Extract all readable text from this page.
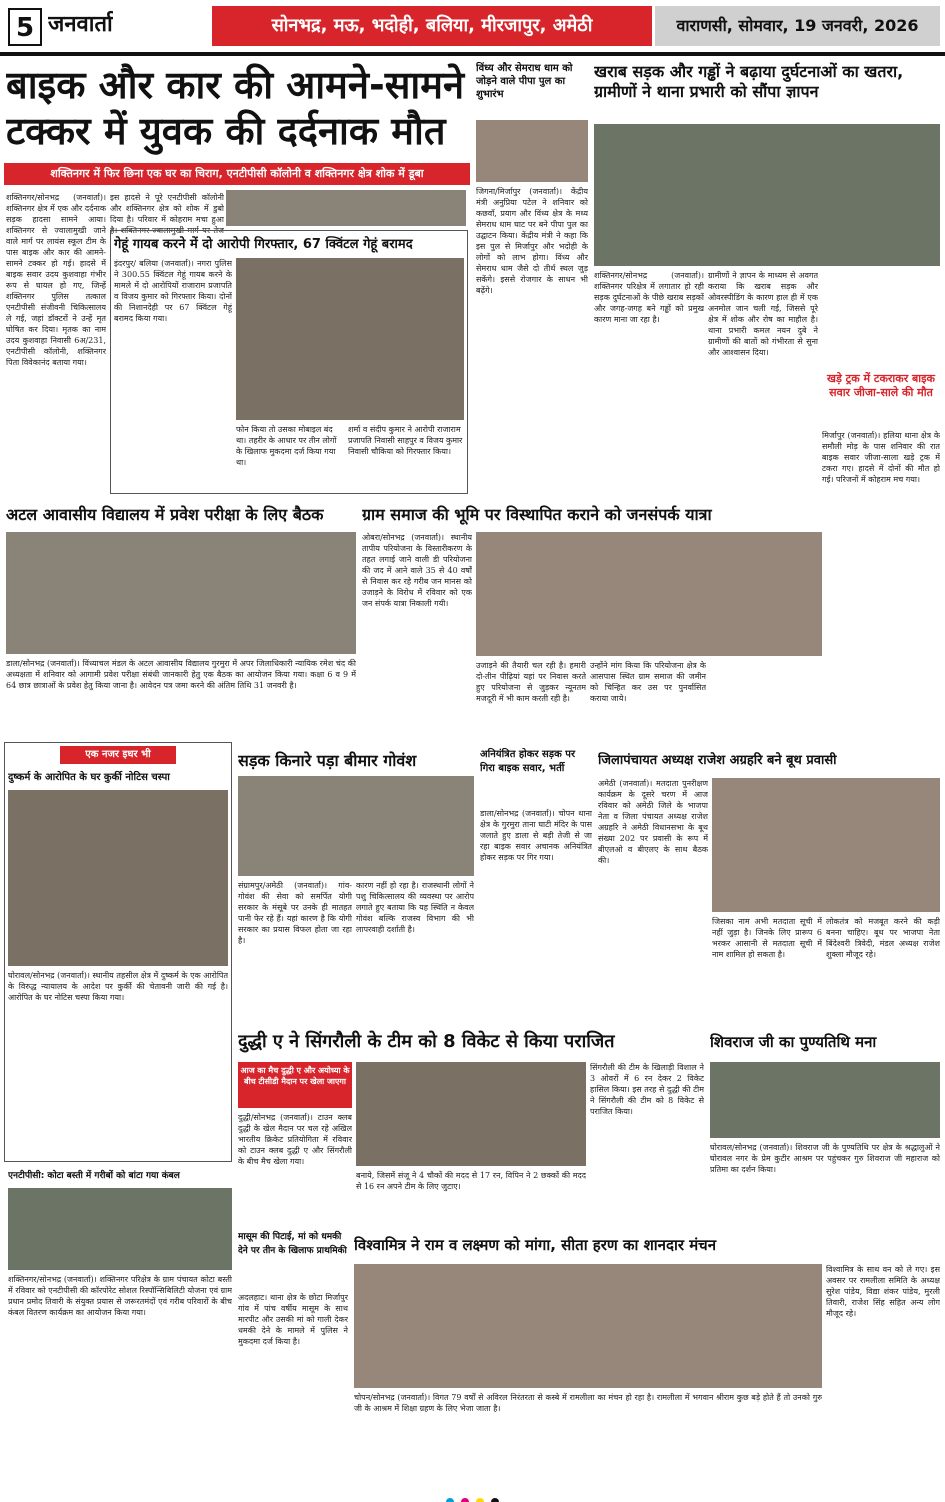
5 जनवार्ता	सोनभद्र, मऊ, भदोही, बलिया, मीरजापुर, अमेठी	वाराणसी, सोमवार, 19 जनवरी, 2026
बाइक और कार की आमने-सामने टक्कर में युवक की दर्दनाक मौत
शक्तिनगर में फिर छिना एक घर का चिराग, एनटीपीसी कॉलोनी व शक्तिनगर क्षेत्र शोक में डूबा
शक्तिनगर/सोनभद्र (जनवार्ता)। शक्तिनगर क्षेत्र में एक और दर्दनाक सड़क हादसा सामने आया। शक्तिनगर से ज्वालामुखी जाने वाले मार्ग पर लायंस स्कूल टीम के पास बाइक और कार की आमने-सामने टक्कर हो गई। हादसे में बाइक सवार उदय कुशवाहा गंभीर रूप से घायल हो गए, जिन्हें शक्तिनगर पुलिस तत्काल एनटीपीसी संजीवनी चिकित्सालय ले गई, जहां डॉक्टरों ने उन्हें मृत घोषित कर दिया। मृतक का नाम उदय कुशवाहा निवासी 6अ/231, एनटीपीसी कॉलोनी, शक्तिनगर पिता विवेकानंद बताया गया।
इस हादसे ने पूरे एनटीपीसी कॉलोनी और शक्तिनगर क्षेत्र को शोक में डुबो दिया है। परिवार में कोहराम मचा हुआ है। शक्तिनगर-ज्वालामुखी मार्ग पर तेज
गेहूं गायब करने में दो आरोपी गिरफ्तार, 67 क्विंटल गेहूं बरामद
इंदरपुर/ बलिया (जनवार्ता)। नगरा पुलिस ने 300.55 क्विंटल गेहूं गायब करने के मामले में दो आरोपियों राजाराम प्रजापति व विजय कुमार को गिरफ्तार किया। दोनों की निशानदेही पर 67 क्विंटल गेहूं बरामद किया गया।
फोन किया तो उसका मोबाइल बंद था। तहरीर के आधार पर तीन लोगों के खिलाफ मुकदमा दर्ज किया गया था।
शर्मा व संदीप कुमार ने आरोपी राजाराम प्रजापति निवासी साहपुर व विजय कुमार निवासी चौकिया को गिरफ्तार किया।
विंध्य और सेमराध धाम को जोड़ने वाले पीपा पुल का शुभारंभ
जिगना/मिर्जापुर (जनवार्ता)। केंद्रीय मंत्री अनुप्रिया पटेल ने शनिवार को कछवाँ, प्रयाग और विंध्य क्षेत्र के मध्य सेमराध धाम घाट पर बने पीपा पुल का उद्घाटन किया। केंद्रीय मंत्री ने कहा कि इस पुल से मिर्जापुर और भदोही के लोगों को लाभ होगा। विंध्य और सेमराध धाम जैसे दो तीर्थ स्थल जुड़ सकेंगे। इससे रोजगार के साधन भी बढ़ेंगे।
खराब सड़क और गड्ढों ने बढ़ाया दुर्घटनाओं का खतरा, ग्रामीणों ने थाना प्रभारी को सौंपा ज्ञापन
शक्तिनगर/सोनभद्र (जनवार्ता)। शक्तिनगर परिक्षेत्र में लगातार हो रही सड़क दुर्घटनाओं के पीछे खराब सड़कों और जगह-जगह बने गड्ढों को प्रमुख कारण माना जा रहा है।
ग्रामीणों ने ज्ञापन के माध्यम से अवगत कराया कि खराब सड़क और ओवरस्पीडिंग के कारण हाल ही में एक अनमोल जान चली गई, जिससे पूरे क्षेत्र में शोक और रोष का माहौल है। थाना प्रभारी कमल नयन दुबे ने ग्रामीणों की बातों को गंभीरता से सुना और आश्वासन दिया।
खड़े ट्रक में टकराकर बाइक सवार जीजा-साले की मौत
मिर्जापुर (जनवार्ता)। हलिया थाना क्षेत्र के समौली मोड़ के पास शनिवार की रात बाइक सवार जीजा-साला खड़े ट्रक में टकरा गए। हादसे में दोनों की मौत हो गई। परिजनों में कोहराम मच गया।
अटल आवासीय विद्यालय में प्रवेश परीक्षा के लिए बैठक
डाला/सोनभद्र (जनवार्ता)। विंध्याचल मंडल के अटल आवासीय विद्यालय गुरमुरा में अपर जिलाधिकारी न्यायिक रमेश चंद की अध्यक्षता में शनिवार को आगामी प्रवेश परीक्षा संबंधी जानकारी हेतु एक बैठक का आयोजन किया गया। कक्षा 6 व 9 में 64 छात्र छात्राओं के प्रवेश हेतु किया जाना है। आवेदन पत्र जमा करने की अंतिम तिथि 31 जनवरी है।
ग्राम समाज की भूमि पर विस्थापित कराने को जनसंपर्क यात्रा
ओबरा/सोनभद्र (जनवार्ता)। स्थानीय तापीय परियोजना के विस्तारीकरण के तहत लगाई जाने वाली डी परियोजना की जद में आने वाले 35 से 40 वर्षों से निवास कर रहे गरीब जन मानस को उजाड़ने के विरोध में रविवार को एक जन संपर्क यात्रा निकाली गयी।
उजाड़ने की तैयारी चल रही है। हमारी दो-तीन पीढ़ियां यहां पर निवास करते हुए परियोजना से जुड़कर न्यूनतम मजदूरी में भी काम करती रही है।
उन्होंने मांग किया कि परियोजना क्षेत्र के आसपास स्थित ग्राम समाज की जमीन को चिन्हित कर उस पर पुनर्वासित कराया जाये।
एक नजर इधर भी
दुष्कर्म के आरोपित के घर कुर्की नोटिस चस्पा
घोरावल/सोनभद्र (जनवार्ता)। स्थानीय तहसील क्षेत्र में दुष्कर्म के एक आरोपित के विरुद्ध न्यायालय के आदेश पर कुर्की की चेतावनी जारी की गई है। आरोपित के घर नोटिस चस्पा किया गया।
एनटीपीसी: कोटा बस्ती में गरीबों को बांटा गया कंबल
शक्तिनगर/सोनभद्र (जनवार्ता)। शक्तिनगर परिक्षेत्र के ग्राम पंचायत कोटा बस्ती में रविवार को एनटीपीसी की कॉरपोरेट सोशल रिस्पॉन्सिबिलिटी योजना एवं ग्राम प्रधान प्रमोद तिवारी के संयुक्त प्रयास से जरूरतमंदों एवं गरीब परिवारों के बीच कंबल वितरण कार्यक्रम का आयोजन किया गया।
सड़क किनारे पड़ा बीमार गोवंश
संग्रामपुर/अमेठी (जनवार्ता)। गांव- गोवंश की सेवा को समर्पित योगी सरकार के मंसूबे पर उनके ही मातहत पानी फेर रहे हैं। यहां कारण है कि योगी सरकार का प्रयास विफल होता जा रहा है।
कारण नहीं हो रहा है। राजस्थानी लोगों ने पशु चिकित्सालय की व्यवस्था पर आरोप लगाते हुए बताया कि यह स्थिति न केवल गोवंश बल्कि राजस्व विभाग की भी लापरवाही दर्शाती है।
अनियंत्रित होकर सड़क पर गिरा बाइक सवार, भर्ती
डाला/सोनभद्र (जनवार्ता)। चोपन थाना क्षेत्र के गुरमुरा ताना घाटी मंदिर के पास जलाते हुए डाला से बड़ी तेजी से जा रहा बाइक सवार अचानक अनियंत्रित होकर सड़क पर गिर गया।
जिलापंचायत अध्यक्ष राजेश अग्रहरि बने बूथ प्रवासी
अमेठी (जनवार्ता)। मतदाता पुनरीक्षण कार्यक्रम के दूसरे चरण में आज रविवार को अमेठी जिले के भाजपा नेता व जिला पंचायत अध्यक्ष राजेश अग्रहरि ने अमेठी विधानसभा के बूथ संख्या 202 पर प्रवासी के रूप में बीएलओ व बीएलए के साथ बैठक की।
जिसका नाम अभी मतदाता सूची में नहीं जुड़ा है। जिनके लिए प्रारूप 6 भरकर आसानी से मतदाता सूची में नाम शामिल हो सकता है।
लोकतंत्र को मजबूत करने की कड़ी बनना चाहिए। बूथ पर भाजपा नेता बिंदेश्वरी त्रिवेदी, मंडल अध्यक्ष राजेश शुक्ला मौजूद रहे।
दुद्धी ए ने सिंगरौली के टीम को 8 विकेट से किया पराजित
आज का मैच दुद्धी ए और अयोध्या के बीच टीसीडी मैदान पर खेला जाएगा
दुद्धी/सोनभद्र (जनवार्ता)। टाउन क्लब दुद्धी के खेल मैदान पर चल रहे अखिल भारतीय क्रिकेट प्रतियोगिता में रविवार को टाउन क्लब दुद्धी ए और सिंगरौली के बीच मैच खेला गया।
बनाये, जिसमें संजू ने 4 चौकों की मदद से 17 रन, विपिन ने 2 छक्कों की मदद से 16 रन अपने टीम के लिए जुटाए।
सिंगरौली की टीम के खिलाड़ी विशाल ने 3 ओवरों में 6 रन देकर 2 विकेट हासिल किया। इस तरह से दुद्धी की टीम ने सिंगरौली की टीम को 8 विकेट से पराजित किया।
शिवराज जी का पुण्यतिथि मना
घोरावल/सोनभद्र (जनवार्ता)। शिवराज जी के पुण्यतिथि पर क्षेत्र के श्रद्धालुओं ने घोरावल नगर के प्रेम कुटीर आश्रम पर पहुंचकर गुरु शिवराज जी महाराज को प्रतिमा का दर्शन किया।
मासूम की पिटाई, मां को धमकी देने पर तीन के खिलाफ प्राथमिकी
अदलहाट। थाना क्षेत्र के छोटा मिर्जापुर गांव में पांच वर्षीय मासूम के साथ मारपीट और उसकी मां को गाली देकर धमकी देने के मामले में पुलिस ने मुकदमा दर्ज किया है।
विश्वामित्र ने राम व लक्ष्मण को मांगा, सीता हरण का शानदार मंचन
चोपन/सोनभद्र (जनवार्ता)। विगत 79 वर्षों से अविरल निरंतरता से कस्बे में रामलीला का मंचन हो रहा है। रामलीला में भगवान श्रीराम कुछ बड़े होते हैं तो उनको गुरु जी के आश्रम में शिक्षा ग्रहण के लिए भेजा जाता है।
विश्वामित्र के साथ वन को ले गए। इस अवसर पर रामलीला समिति के अध्यक्ष सुरेश पांडेय, विद्या शंकर पांडेय, मुरली तिवारी, राजेश सिंह सहित अन्य लोग मौजूद रहे।
